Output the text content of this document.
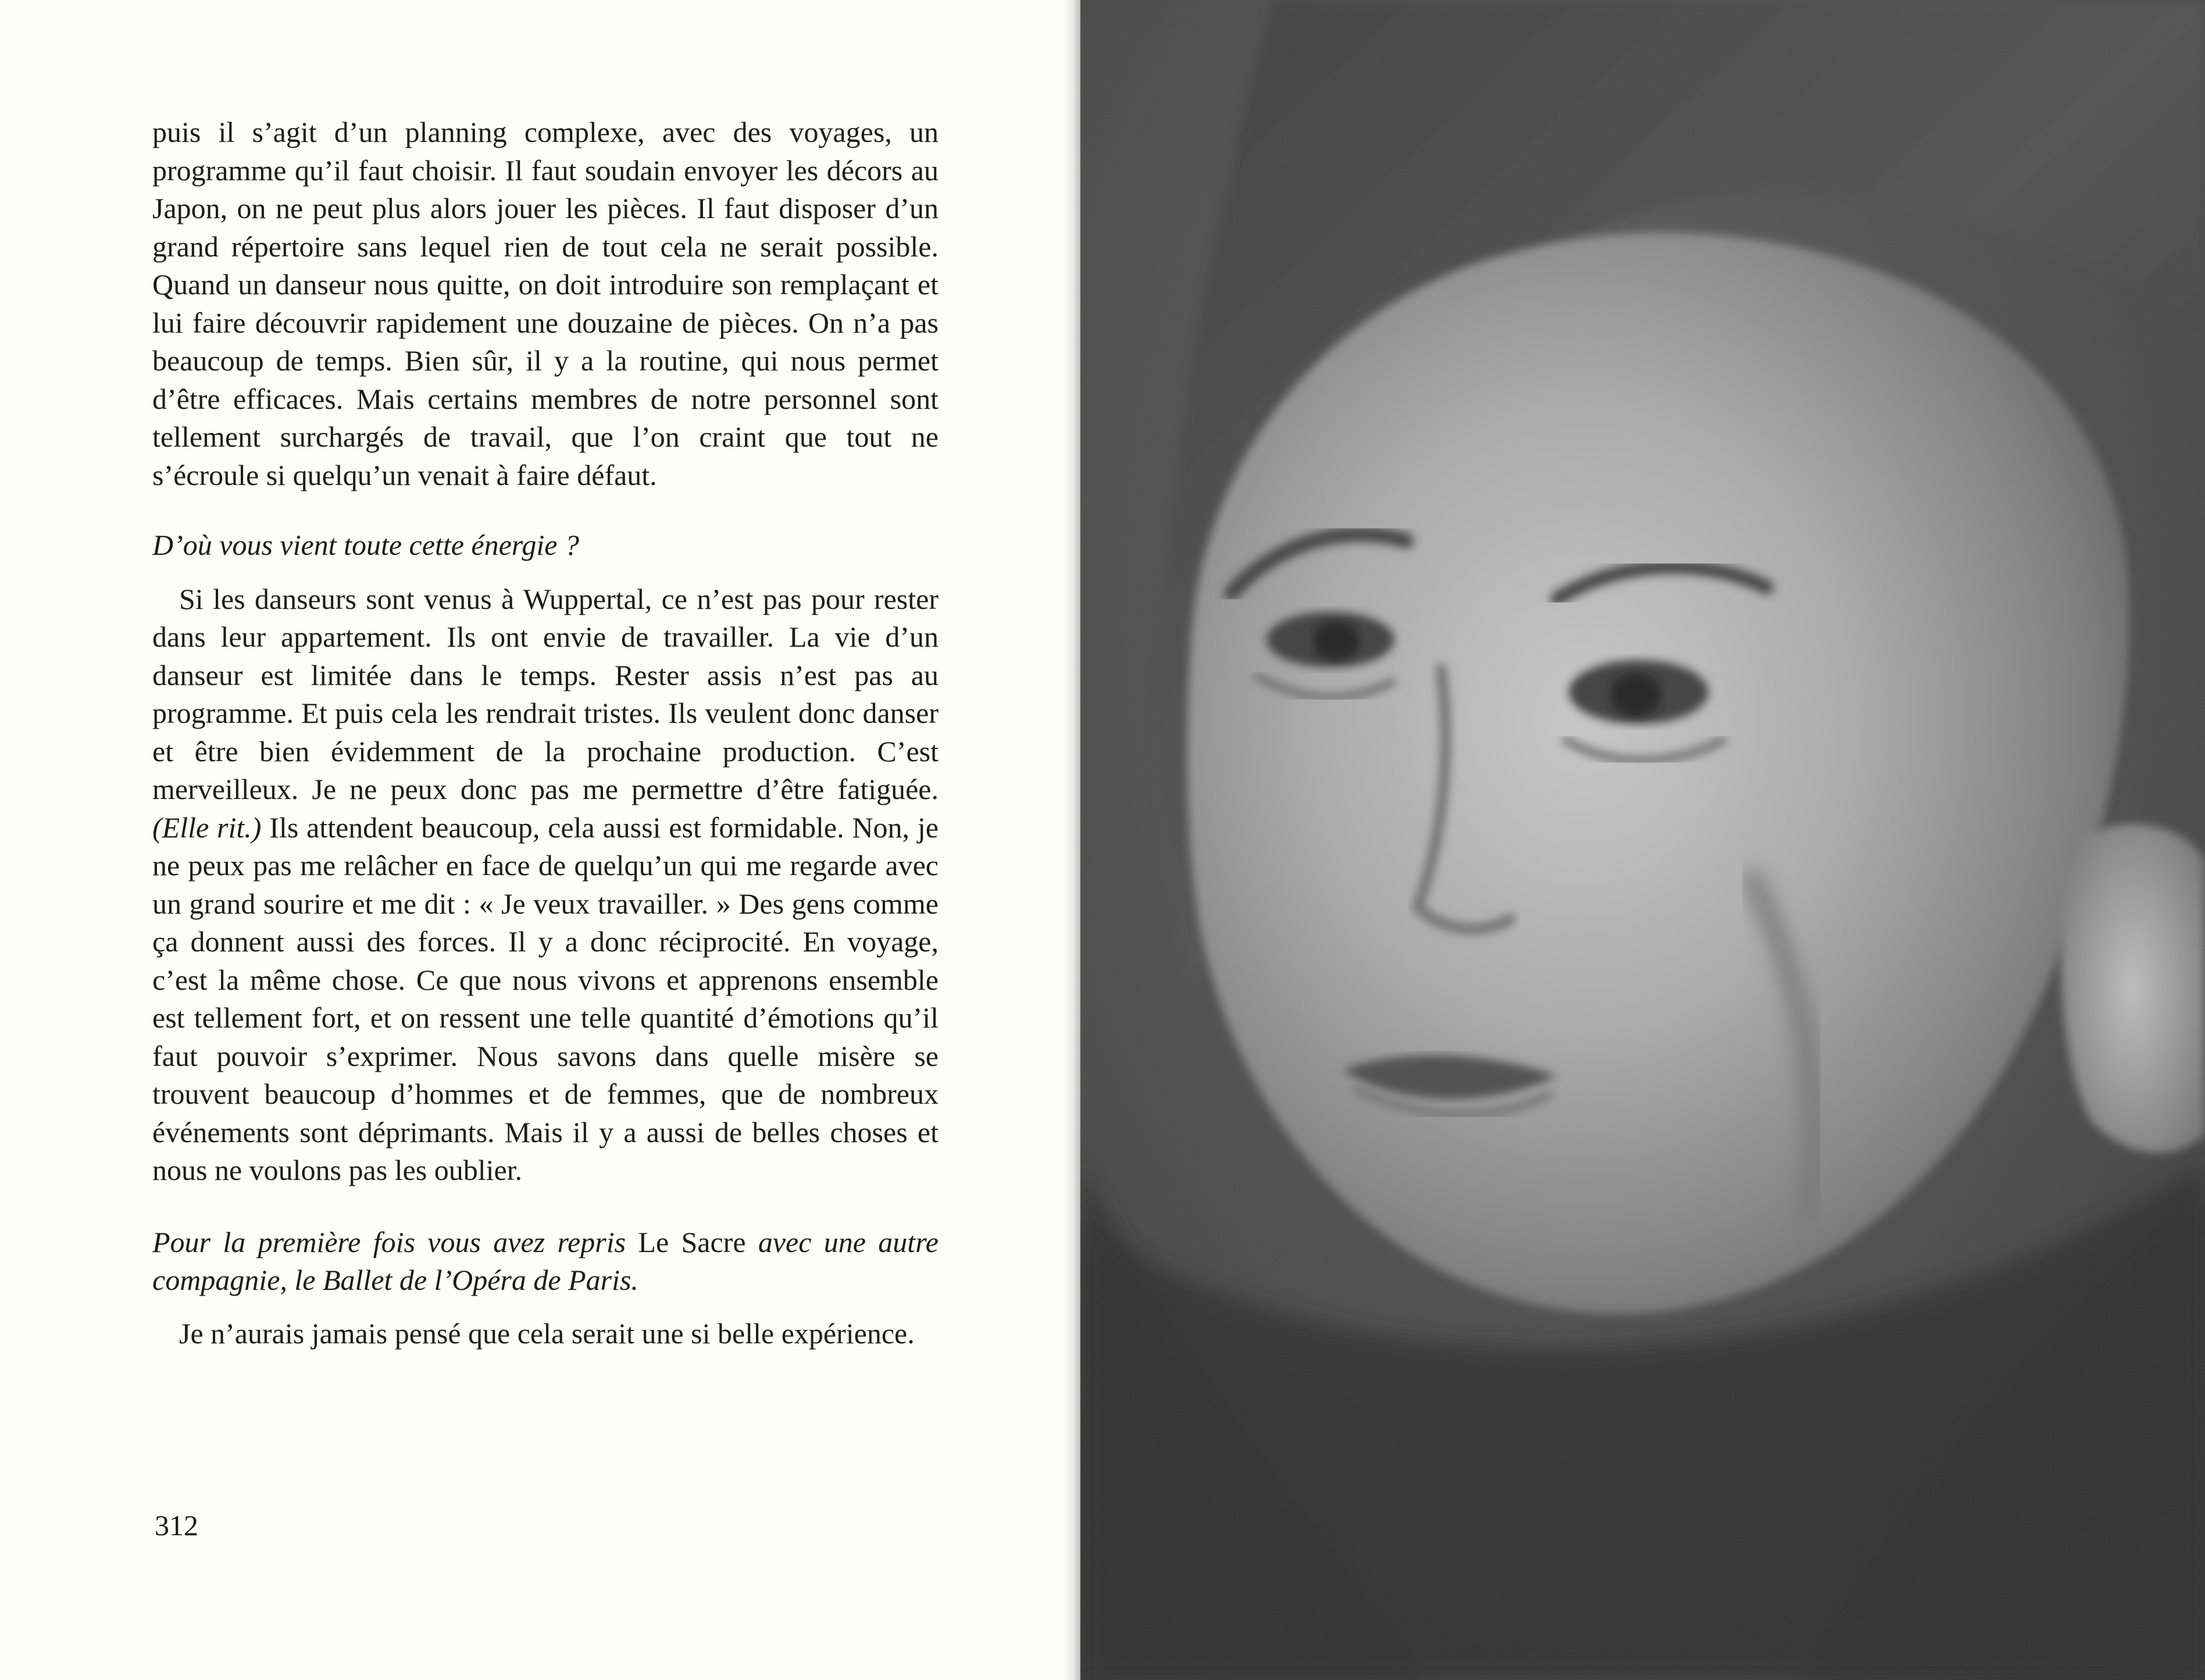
puis il s’agit d’un planning complexe, avec des voyages, un programme qu’il faut choisir. Il faut soudain envoyer les décors au Japon, on ne peut plus alors jouer les pièces. Il faut disposer d’un grand répertoire sans lequel rien de tout cela ne serait possible. Quand un danseur nous quitte, on doit introduire son remplaçant et lui faire découvrir rapidement une douzaine de pièces. On n’a pas beaucoup de temps. Bien sûr, il y a la routine, qui nous permet d’être efficaces. Mais certains membres de notre personnel sont tellement surchargés de travail, que l’on craint que tout ne s’écroule si quelqu’un venait à faire défaut.

D’où vous vient toute cette énergie ?

Si les danseurs sont venus à Wuppertal, ce n’est pas pour rester dans leur appartement. Ils ont envie de travailler. La vie d’un danseur est limitée dans le temps. Rester assis n’est pas au programme. Et puis cela les rendrait tristes. Ils veulent donc danser et être bien évidemment de la prochaine production. C’est merveilleux. Je ne peux donc pas me permettre d’être fatiguée. (Elle rit.) Ils attendent beaucoup, cela aussi est formidable. Non, je ne peux pas me relâcher en face de quelqu’un qui me regarde avec un grand sourire et me dit : « Je veux travailler. » Des gens comme ça donnent aussi des forces. Il y a donc réciprocité. En voyage, c’est la même chose. Ce que nous vivons et apprenons ensemble est tellement fort, et on ressent une telle quantité d’émotions qu’il faut pouvoir s’exprimer. Nous savons dans quelle misère se trouvent beaucoup d’hommes et de femmes, que de nombreux événements sont déprimants. Mais il y a aussi de belles choses et nous ne voulons pas les oublier.

Pour la première fois vous avez repris Le Sacre avec une autre compagnie, le Ballet de l’Opéra de Paris.

Je n’aurais jamais pensé que cela serait une si belle expérience.

312
